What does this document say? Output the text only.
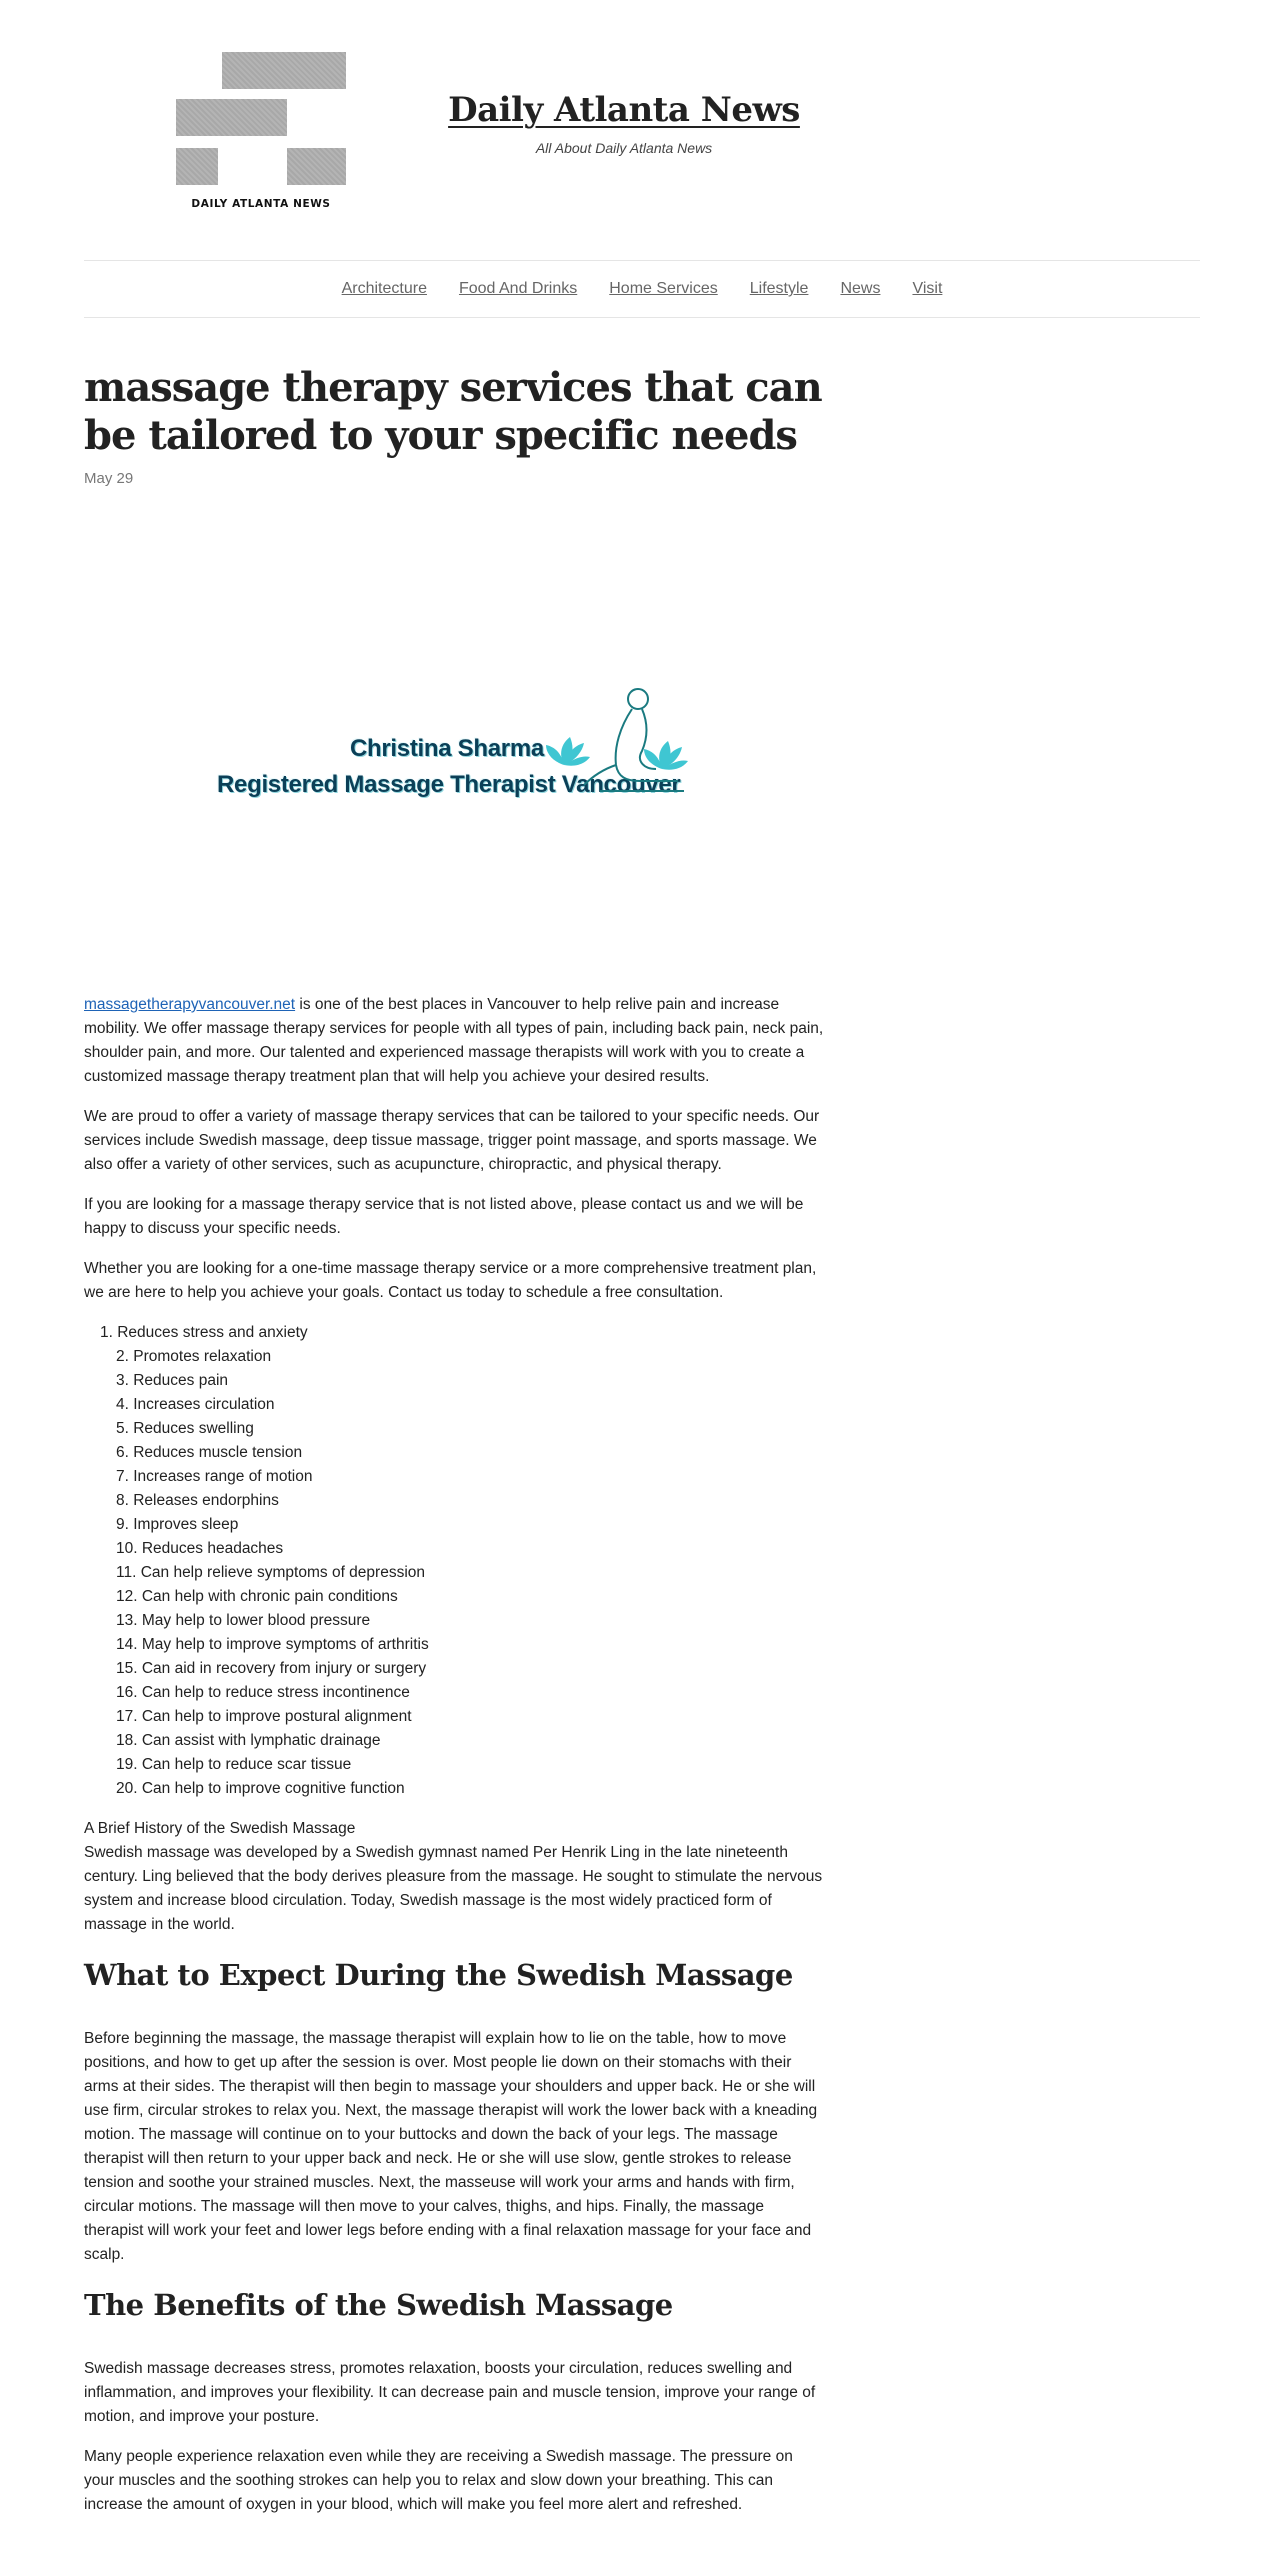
DAILY ATLANTA NEWS
Daily Atlanta News
All About Daily Atlanta News
Architecture Food And Drinks Home Services Lifestyle News Visit
massage therapy services that can be tailored to your specific needs
May 29
Christina Sharma
Registered Massage Therapist Vancouver

massagetherapyvancouver.net is one of the best places in Vancouver to help relive pain and increase mobility. We offer massage therapy services for people with all types of pain, including back pain, neck pain, shoulder pain, and more. Our talented and experienced massage therapists will work with you to create a customized massage therapy treatment plan that will help you achieve your desired results.

We are proud to offer a variety of massage therapy services that can be tailored to your specific needs. Our services include Swedish massage, deep tissue massage, trigger point massage, and sports massage. We also offer a variety of other services, such as acupuncture, chiropractic, and physical therapy.

If you are looking for a massage therapy service that is not listed above, please contact us and we will be happy to discuss your specific needs.

Whether you are looking for a one-time massage therapy service or a more comprehensive treatment plan, we are here to help you achieve your goals. Contact us today to schedule a free consultation.

1. Reduces stress and anxiety
2. Promotes relaxation
3. Reduces pain
4. Increases circulation
5. Reduces swelling
6. Reduces muscle tension
7. Increases range of motion
8. Releases endorphins
9. Improves sleep
10. Reduces headaches
11. Can help relieve symptoms of depression
12. Can help with chronic pain conditions
13. May help to lower blood pressure
14. May help to improve symptoms of arthritis
15. Can aid in recovery from injury or surgery
16. Can help to reduce stress incontinence
17. Can help to improve postural alignment
18. Can assist with lymphatic drainage
19. Can help to reduce scar tissue
20. Can help to improve cognitive function
A Brief History of the Swedish Massage
Swedish massage was developed by a Swedish gymnast named Per Henrik Ling in the late nineteenth century. Ling believed that the body derives pleasure from the massage. He sought to stimulate the nervous system and increase blood circulation. Today, Swedish massage is the most widely practiced form of massage in the world.
What to Expect During the Swedish Massage

Before beginning the massage, the massage therapist will explain how to lie on the table, how to move positions, and how to get up after the session is over. Most people lie down on their stomachs with their arms at their sides. The therapist will then begin to massage your shoulders and upper back. He or she will use firm, circular strokes to relax you. Next, the massage therapist will work the lower back with a kneading motion. The massage will continue on to your buttocks and down the back of your legs. The massage therapist will then return to your upper back and neck. He or she will use slow, gentle strokes to release tension and soothe your strained muscles. Next, the masseuse will work your arms and hands with firm, circular motions. The massage will then move to your calves, thighs, and hips. Finally, the massage therapist will work your feet and lower legs before ending with a final relaxation massage for your face and scalp.

The Benefits of the Swedish Massage

Swedish massage decreases stress, promotes relaxation, boosts your circulation, reduces swelling and inflammation, and improves your flexibility. It can decrease pain and muscle tension, improve your range of motion, and improve your posture.

Many people experience relaxation even while they are receiving a Swedish massage. The pressure on your muscles and the soothing strokes can help you to relax and slow down your breathing. This can increase the amount of oxygen in your blood, which will make you feel more alert and refreshed.
